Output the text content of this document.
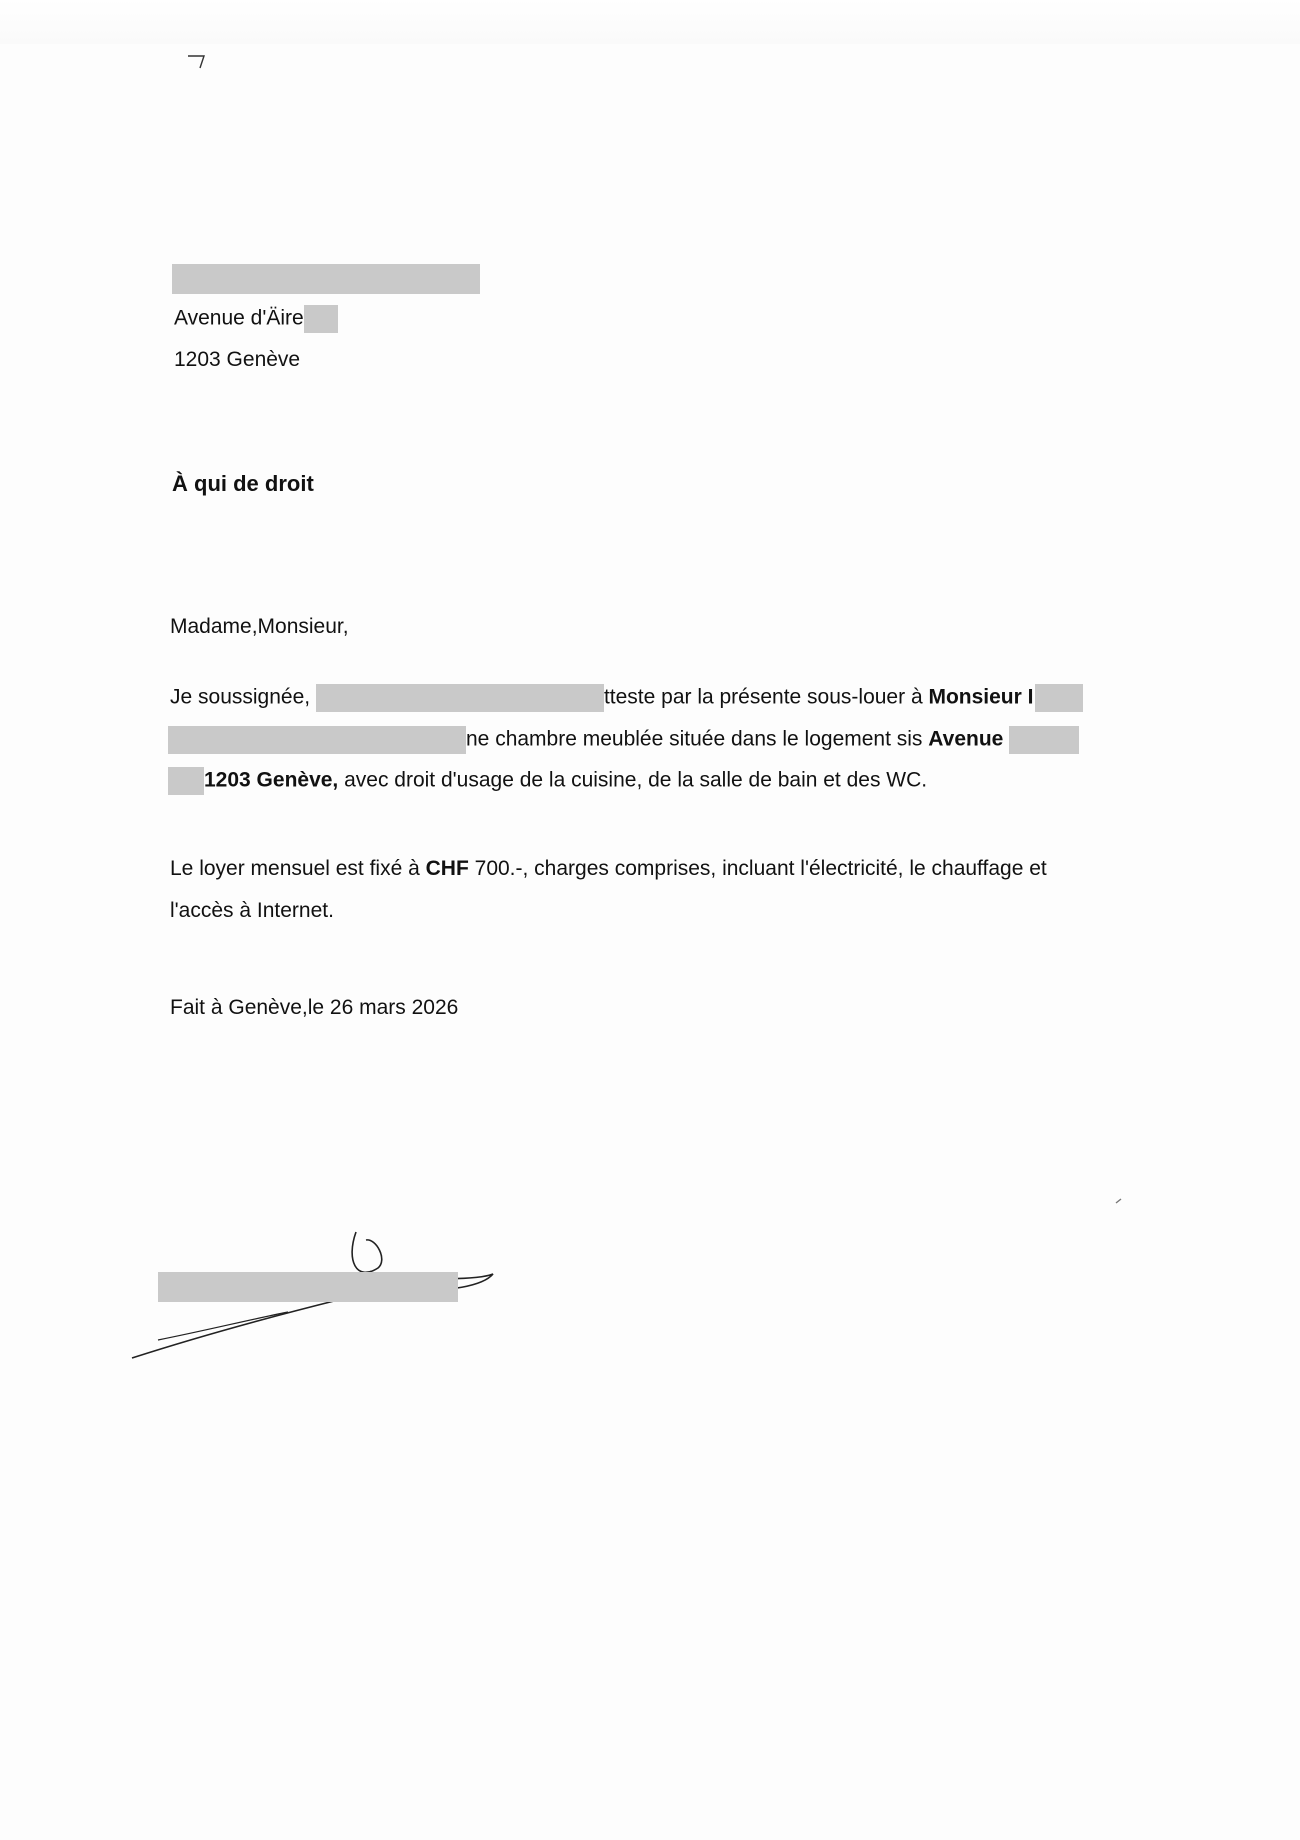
Avenue d'Äire
1203 Genève
À qui de droit
Madame,Monsieur,
Je soussignée,	tteste par la présente sous-louer à Monsieur I
ne chambre meublée située dans le logement sis Avenue
1203 Genève, avec droit d'usage de la cuisine, de la salle de bain et des WC.
Le loyer mensuel est fixé à CHF 700.-, charges comprises, incluant l'électricité, le chauffage et
l'accès à Internet.
Fait à Genève,le 26 mars 2026
